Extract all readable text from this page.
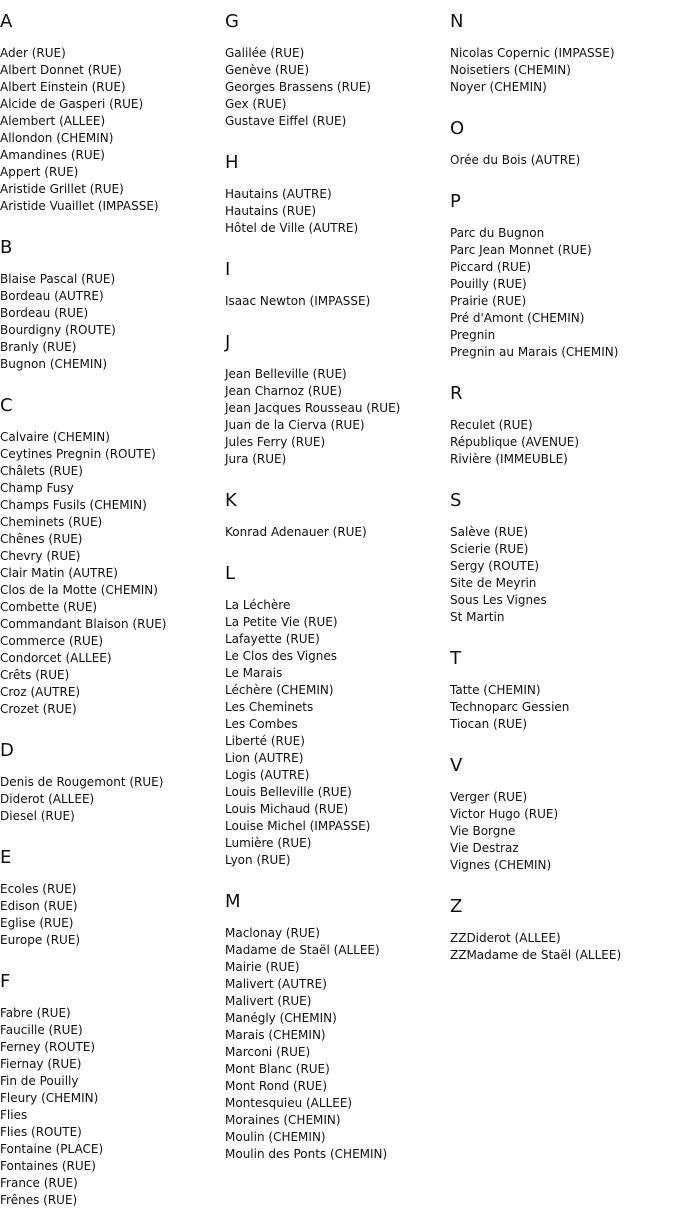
A
Ader (RUE)
Albert Donnet (RUE)
Albert Einstein (RUE)
Alcide de Gasperi (RUE)
Alembert (ALLEE)
Allondon (CHEMIN)
Amandines (RUE)
Appert (RUE)
Aristide Grillet (RUE)
Aristide Vuaillet (IMPASSE)
B
Blaise Pascal (RUE)
Bordeau (AUTRE)
Bordeau (RUE)
Bourdigny (ROUTE)
Branly (RUE)
Bugnon (CHEMIN)
C
Calvaire (CHEMIN)
Ceytines Pregnin (ROUTE)
Châlets (RUE)
Champ Fusy
Champs Fusils (CHEMIN)
Cheminets (RUE)
Chênes (RUE)
Chevry (RUE)
Clair Matin (AUTRE)
Clos de la Motte (CHEMIN)
Combette (RUE)
Commandant Blaison (RUE)
Commerce (RUE)
Condorcet (ALLEE)
Crêts (RUE)
Croz (AUTRE)
Crozet (RUE)
D
Denis de Rougemont (RUE)
Diderot (ALLEE)
Diesel (RUE)
E
Ecoles (RUE)
Edison (RUE)
Eglise (RUE)
Europe (RUE)
F
Fabre (RUE)
Faucille (RUE)
Ferney (ROUTE)
Fiernay (RUE)
Fin de Pouilly
Fleury (CHEMIN)
Flies
Flies (ROUTE)
Fontaine (PLACE)
Fontaines (RUE)
France (RUE)
Frênes (RUE)
G
Galilée (RUE)
Genève (RUE)
Georges Brassens (RUE)
Gex (RUE)
Gustave Eiffel (RUE)
H
Hautains (AUTRE)
Hautains (RUE)
Hôtel de Ville (AUTRE)
I
Isaac Newton (IMPASSE)
J
Jean Belleville (RUE)
Jean Charnoz (RUE)
Jean Jacques Rousseau (RUE)
Juan de la Cierva (RUE)
Jules Ferry (RUE)
Jura (RUE)
K
Konrad Adenauer (RUE)
L
La Léchère
La Petite Vie (RUE)
Lafayette (RUE)
Le Clos des Vignes
Le Marais
Léchère (CHEMIN)
Les Cheminets
Les Combes
Liberté (RUE)
Lion (AUTRE)
Logis (AUTRE)
Louis Belleville (RUE)
Louis Michaud (RUE)
Louise Michel (IMPASSE)
Lumière (RUE)
Lyon (RUE)
M
Maclonay (RUE)
Madame de Staël (ALLEE)
Mairie (RUE)
Malivert (AUTRE)
Malivert (RUE)
Manégly (CHEMIN)
Marais (CHEMIN)
Marconi (RUE)
Mont Blanc (RUE)
Mont Rond (RUE)
Montesquieu (ALLEE)
Moraines (CHEMIN)
Moulin (CHEMIN)
Moulin des Ponts (CHEMIN)
N
Nicolas Copernic (IMPASSE)
Noisetiers (CHEMIN)
Noyer (CHEMIN)
O
Orée du Bois (AUTRE)
P
Parc du Bugnon
Parc Jean Monnet (RUE)
Piccard (RUE)
Pouilly (RUE)
Prairie (RUE)
Pré d'Amont (CHEMIN)
Pregnin
Pregnin au Marais (CHEMIN)
R
Reculet (RUE)
République (AVENUE)
Rivière (IMMEUBLE)
S
Salève (RUE)
Scierie (RUE)
Sergy (ROUTE)
Site de Meyrin
Sous Les Vignes
St Martin
T
Tatte (CHEMIN)
Technoparc Gessien
Tiocan (RUE)
V
Verger (RUE)
Victor Hugo (RUE)
Vie Borgne
Vie Destraz
Vignes (CHEMIN)
Z
ZZDiderot (ALLEE)
ZZMadame de Staël (ALLEE)
